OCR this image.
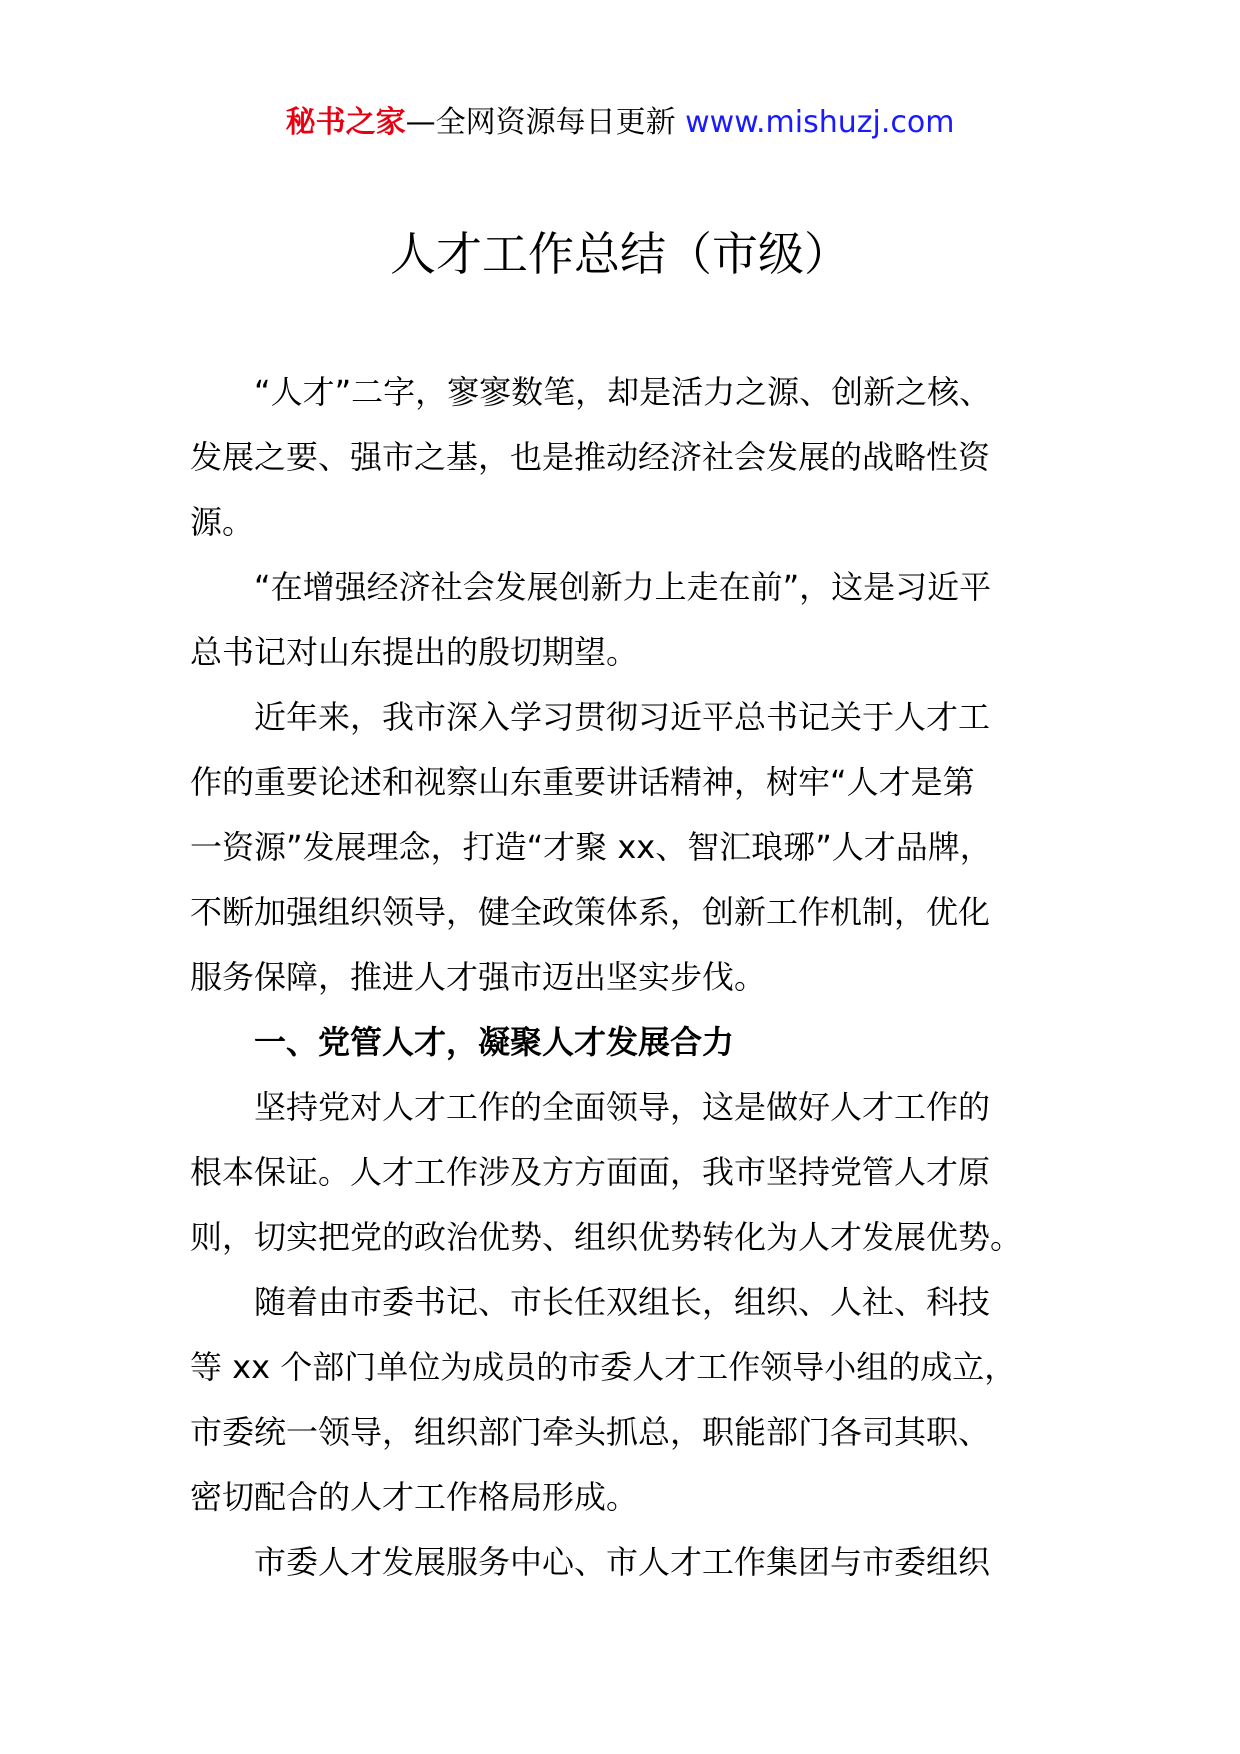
秘书之家—全网资源每日更新 www.mishuzj.com
人才工作总结（市级）

“人才”二字，寥寥数笔，却是活力之源、创新之核、

发展之要、强市之基，也是推动经济社会发展的战略性资

源。

“在增强经济社会发展创新力上走在前”，这是习近平

总书记对山东提出的殷切期望。

近年来，我市深入学习贯彻习近平总书记关于人才工

作的重要论述和视察山东重要讲话精神，树牢“人才是第

一资源”发展理念，打造“才聚 xx、智汇琅琊”人才品牌，

不断加强组织领导，健全政策体系，创新工作机制，优化

服务保障，推进人才强市迈出坚实步伐。

一、党管人才，凝聚人才发展合力

坚持党对人才工作的全面领导，这是做好人才工作的

根本保证。人才工作涉及方方面面，我市坚持党管人才原

则，切实把党的政治优势、组织优势转化为人才发展优势。

随着由市委书记、市长任双组长，组织、人社、科技

等 xx 个部门单位为成员的市委人才工作领导小组的成立，

市委统一领导，组织部门牵头抓总，职能部门各司其职、

密切配合的人才工作格局形成。

市委人才发展服务中心、市人才工作集团与市委组织
